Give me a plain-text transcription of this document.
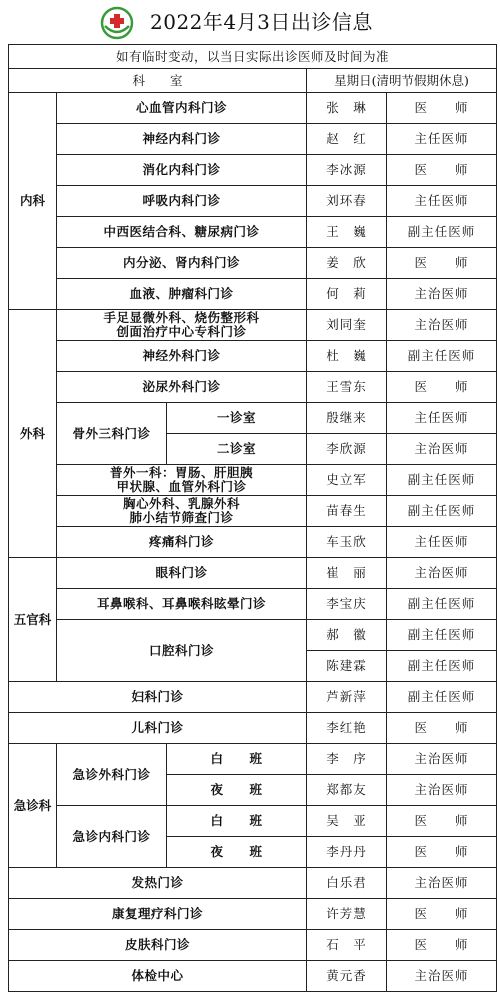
2022年4月3日出诊信息
如有临时变动，以当日实际出诊医师及时间为准				
科　　室			星期日(清明节假期休息)	
内科	心血管内科门诊		张　琳	医　　师
	神经内科门诊		赵　红	主任医师
	消化内科门诊		李冰源	医　　师
	呼吸内科门诊		刘环春	主任医师
	中西医结合科、糖尿病门诊		王　巍	副主任医师
	内分泌、肾内科门诊		姜　欣	医　　师
	血液、肿瘤科门诊		何　莉	主治医师
外科	手足显微外科、烧伤整形科
创面治疗中心专科门诊		刘同奎	主治医师
	神经外科门诊		杜　巍	副主任医师
	泌尿外科门诊		王雪东	医　　师
	骨外三科门诊	一诊室	殷继来	主任医师
		二诊室	李欣源	主治医师

	普外一科：胃肠、肝胆胰
甲状腺、血管外科门诊		史立军	副主任医师

	胸心外科、乳腺外科
肺小结节筛查门诊		苗春生	副主任医师
	疼痛科门诊		车玉欣	主任医师
五官科	眼科门诊		崔　丽	主治医师
	耳鼻喉科、耳鼻喉科眩晕门诊		李宝庆	副主任医师
	口腔科门诊		郝　徽	副主任医师
			陈建霖	副主任医师
妇科门诊			芦新萍	副主任医师
儿科门诊			李红艳	医　　师
急诊科	急诊外科门诊	白　　班	李　序	主治医师
		夜　　班	郑都友	主治医师
	急诊内科门诊	白　　班	吴　亚	医　　师
		夜　　班	李丹丹	医　　师
发热门诊			白乐君	主治医师
康复理疗科门诊			许芳慧	医　　师
皮肤科门诊			石　平	医　　师
体检中心			黄元香	主治医师
